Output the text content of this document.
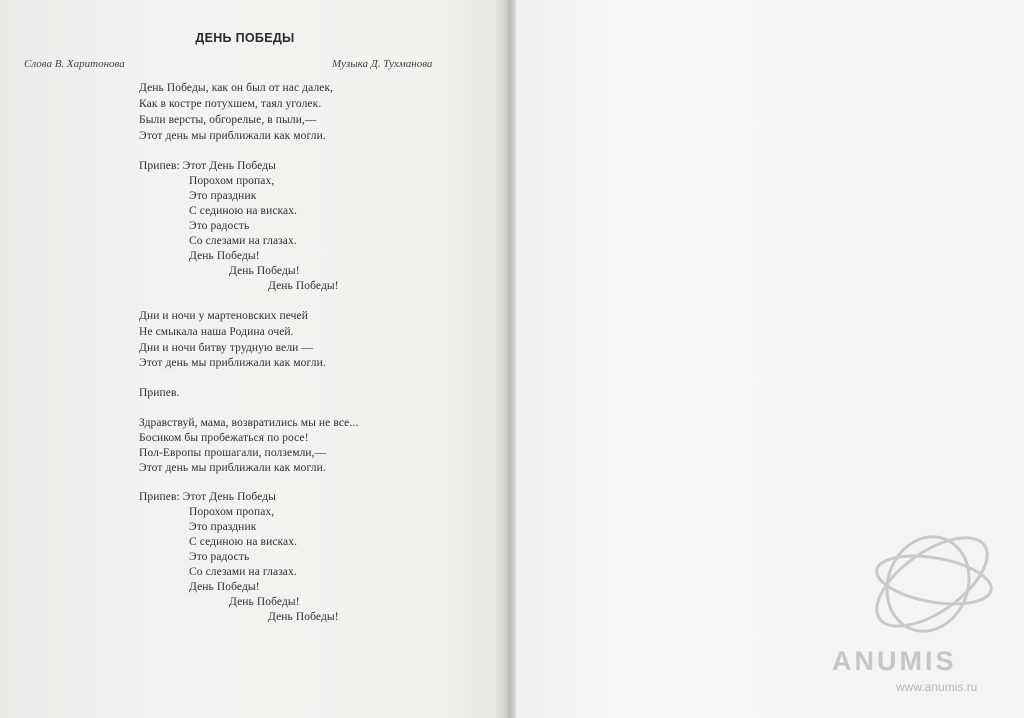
ДЕНЬ ПОБЕДЫ
Слова В. Харитонова	Музыка Д. Тухманова
День Победы, как он был от нас далек,
Как в костре потухшем, таял уголек.
Были версты, обгорелые, в пыли,—
Этот день мы приближали как могли.
Припев: Этот День Победы
Порохом пропах,
Это праздник
С сединою на висках.
Это радость
Со слезами на глазах.
День Победы!
День Победы!
День Победы!
Дни и ночи у мартеновских печей
Не смыкала наша Родина очей.
Дни и ночи битву трудную вели —
Этот день мы приближали как могли.
Припев.
Здравствуй, мама, возвратились мы не все...
Босиком бы пробежаться по росе!
Пол-Европы прошагали, полземли,—
Этот день мы приближали как могли.
Припев: Этот День Победы
Порохом пропах,
Это праздник
С сединою на висках.
Это радость
Со слезами на глазах.
День Победы!
День Победы!
День Победы!
ANUMIS
www.anumis.ru
